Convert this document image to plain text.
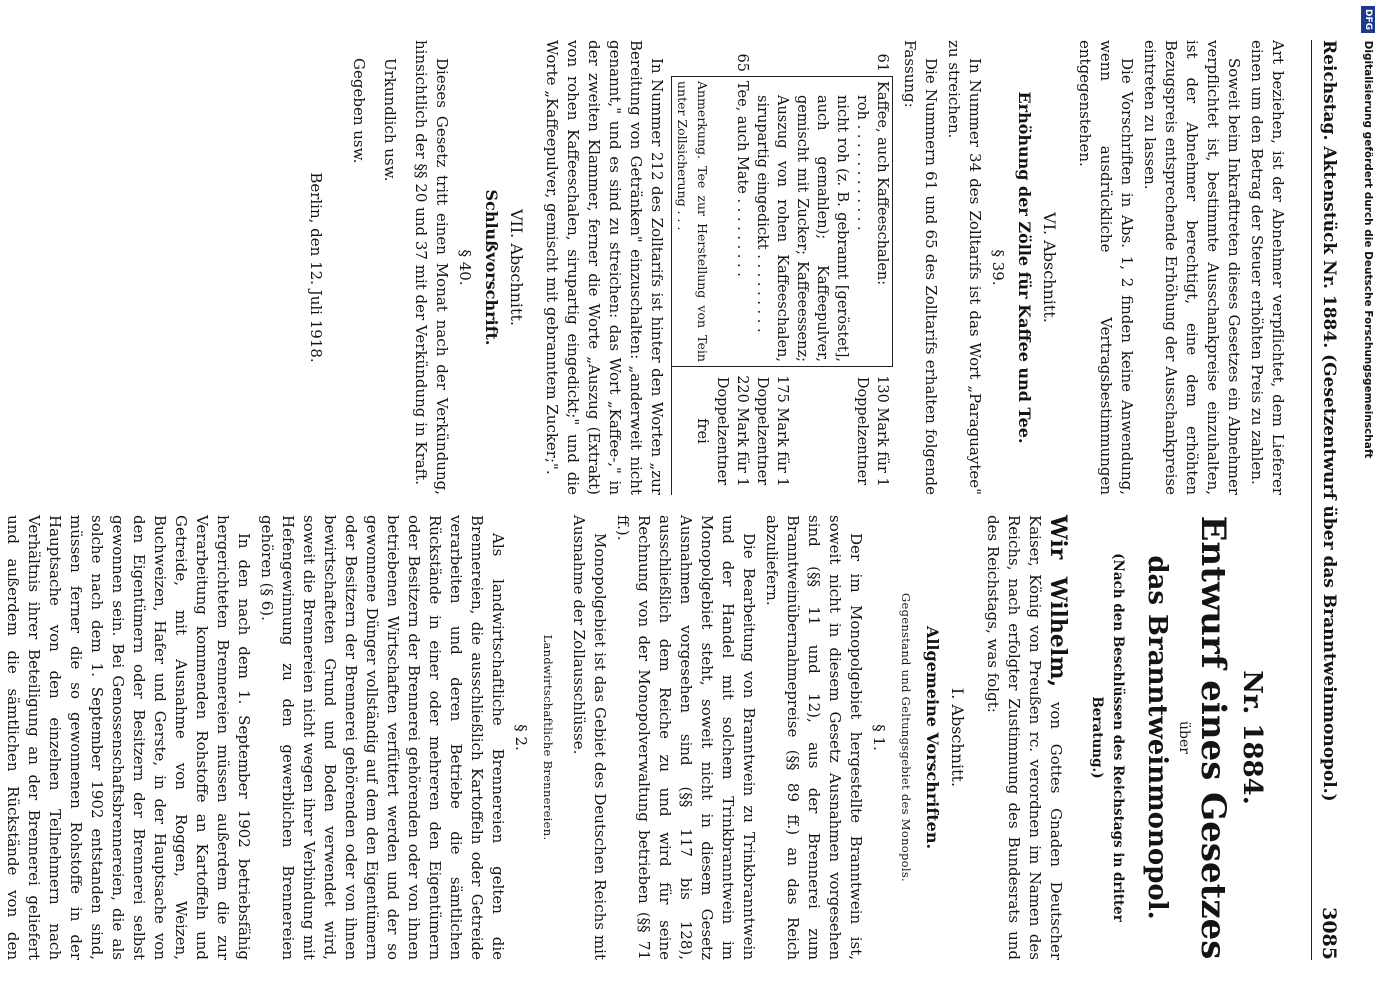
Reichstag. Aktenstück Nr. 1884. (Gesetzentwurf über das Branntweinmonopol.)
3085

Art beziehen, ist der Abnehmer verpflichtet, dem Lieferer einen um den Betrag der Steuer erhöhten Preis zu zahlen.

Soweit beim Inkrafttreten dieses Gesetzes ein Abnehmer verpflichtet ist, bestimmte Ausschankpreise einzuhalten, ist der Abnehmer berechtigt, eine dem erhöhten Bezugspreis entsprechende Erhöhung der Ausschankpreise eintreten zu lassen.

Die Vorschriften in Abs. 1, 2 finden keine Anwendung, wenn ausdrückliche Vertragsbestimmungen entgegenstehen.

VI. Abschnitt.
Erhöhung der Zölle für Kaffee und Tee.
§ 39.

In Nummer 34 des Zolltarifs ist das Wort „Paraguaytee" zu streichen.

Die Nummern 61 und 65 des Zolltarifs erhalten folgende Fassung:

61	Kaffee, auch Kaffeeschalen:
roh . . . . . . . . . . . .	130 Mark für 1 Doppelzentner
	nicht roh (z. B. gebrannt [geröstet], auch gemahlen); Kaffeepulver, gemischt mit Zucker; Kaffeeessenz; Auszug von rohen Kaffeeschalen, sirupartig eingedickt . . . . . . . . .	175 Mark für 1 Doppelzentner
65	Tee, auch Mate . . . . . . . . .	220 Mark für 1 Doppelzentner
	Anmerkung. Tee zur Herstellung von Tein unter Zollsicherung . . .	frei

In Nummer 212 des Zolltarifs ist hinter den Worten „zur Bereitung von Getränken" einzuschalten: „anderweit nicht genannt," und es sind zu streichen: das Wort „Kaffee-," in der zweiten Klammer, ferner die Worte „Auszug (Extrakt) von rohen Kaffeeschalen, sirupartig eingedickt;" und die Worte „Kaffeepulver, gemischt mit gebranntem Zucker;".

VII. Abschnitt.
Schlußvorschrift.
§ 40.

Dieses Gesetz tritt einen Monat nach der Verkündung, hinsichtlich der §§ 20 und 37 mit der Verkündung in Kraft.

Urkundlich usw.

Gegeben usw.

Berlin, den 12. Juli 1918.

Nr. 1884.
Entwurf eines Gesetzes
über
das Branntweinmonopol.
(Nach den Beschlüssen des Reichstags in dritter Beratung.)

Wir Wilhelm, von Gottes Gnaden Deutscher Kaiser, König von Preußen rc. verordnen im Namen des Reichs, nach erfolgter Zustimmung des Bundesrats und des Reichstags, was folgt:

I. Abschnitt.
Allgemeine Vorschriften.
Gegenstand und Geltungsgebiet des Monopols.
§ 1.

Der im Monopolgebiet hergestellte Branntwein ist, soweit nicht in diesem Gesetz Ausnahmen vorgesehen sind (§§ 11 und 12), aus der Brennerei zum Branntweinübernahmepreise (§§ 89 ff.) an das Reich abzuliefern.

Die Bearbeitung von Branntwein zu Trinkbranntwein und der Handel mit solchem Trinkbranntwein im Monopolgebiet steht, soweit nicht in diesem Gesetz Ausnahmen vorgesehen sind (§§ 117 bis 128), ausschließlich dem Reiche zu und wird für seine Rechnung von der Monopolverwaltung betrieben (§§ 71 ff.).

Monopolgebiet ist das Gebiet des Deutschen Reichs mit Ausnahme der Zollausschlüsse.

Landwirtschaftliche Brennereien.
§ 2.

Als landwirtschaftliche Brennereien gelten die Brennereien, die ausschließlich Kartoffeln oder Getreide verarbeiten und deren Betriebe die sämtlichen Rückstände in einer oder mehreren den Eigentümern oder Besitzern der Brennerei gehörenden oder von ihnen betriebenen Wirtschaften verfüttert werden und der so gewonnene Dünger vollständig auf dem den Eigentümern oder Besitzern der Brennerei gehörenden oder von ihnen bewirtschafteten Grund und Boden verwendet wird, soweit die Brennereien nicht wegen ihrer Verbindung mit Hefengewinnung zu den gewerblichen Brennereien gehören (§ 6).

In den nach dem 1. September 1902 betriebsfähig hergerichteten Brennereien müssen außerdem die zur Verarbeitung kommenden Rohstoffe an Kartoffeln und Getreide, mit Ausnahme von Roggen, Weizen, Buchweizen, Hafer und Gerste, in der Hauptsache von den Eigentümern oder Besitzern der Brennerei selbst gewonnen sein. Bei Genossenschaftsbrennereien, die als solche nach dem 1. September 1902 entstanden sind, müssen ferner die so gewonnenen Rohstoffe in der Hauptsache von den einzelnen Teilnehmern nach Verhältnis ihrer Beteiligung an der Brennerei geliefert und außerdem die sämtlichen Rückstände von den

DFG Digitalisierung gefördert durch die Deutsche Forschungsgemeinschaft
